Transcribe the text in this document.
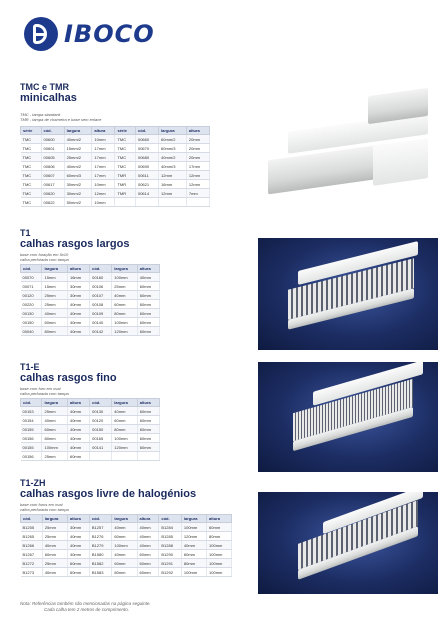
IBOCO
TMC e TMR
minicalhas
TMC - tampa standard
TMR - tampa de charneira e base sem enlace
série	cód.	largura	altura	série	cód.	largura	altura
TMC	00600	40mm/2	10mm	TMC	00660	60mm/2	20mm
TMC	00601	15mm/2	17mm	TMC	00670	60mm/3	20mm
TMC	00605	25mm/2	17mm	TMC	00680	40mm/2	20mm
TMC	00606	40mm/2	17mm	TMC	00690	40mm/3	17mm
TMC	00607	60mm/3	17mm	TMR	00611	12mm	12mm
TMC	00617	30mm/2	10mm	TMR	00621	16mm	12mm
TMC	00620	30mm/2	12mm	TMR	00614	12mm	7mm
TMC	00622	50mm/2	10mm				
T1
calhas rasgos largos
base com furação em 5x10
calha perfurada com tampa
cód.	largura	altura	cód.	largura	altura
00070	15mm	16mm	00160	100mm	40mm
00071	15mm	30mm	00106	25mm	60mm
00120	25mm	30mm	00107	40mm	60mm
00220	25mm	40mm	00108	60mm	60mm
00130	40mm	40mm	00109	80mm	60mm
00150	60mm	40mm	00140	100mm	60mm
00040	80mm	40mm	00142	120mm	60mm
T1-E
calhas rasgos fino
base com furo em oval
calha perfurada com tampa
cód.	largura	altura	cód.	largura	altura
00153	25mm	40mm	00130	40mm	60mm
00154	40mm	40mm	00120	60mm	60mm
00155	60mm	40mm	00150	80mm	60mm
00156	80mm	40mm	00165	100mm	60mm
00155	100mm	40mm	00141	120mm	60mm
00156	25mm	60mm			
T1-ZH
calhas rasgos livre de halogénios
base com furos em oval
calha perfurada com tampa
cód.	largura	altura	cód.	largura	altura	cód.	largura	altura
B1255	25mm	30mm	B1257	40mm	40mm	B1284	100mm	60mm
B1265	25mm	40mm	B1276	60mm	40mm	B1285	120mm	80mm
B1266	40mm	40mm	B1279	100mm	40mm	B1288	40mm	100mm
B1267	60mm	40mm	B1580	40mm	60mm	B1290	60mm	100mm
B1272	25mm	60mm	B1582	60mm	60mm	B1291	80mm	100mm
B1273	40mm	60mm	B1583	80mm	60mm	B1292	100mm	100mm
Nota: Referências também são mencionadas na página seguinte.
Cada calha tem 2 metros de comprimento.
